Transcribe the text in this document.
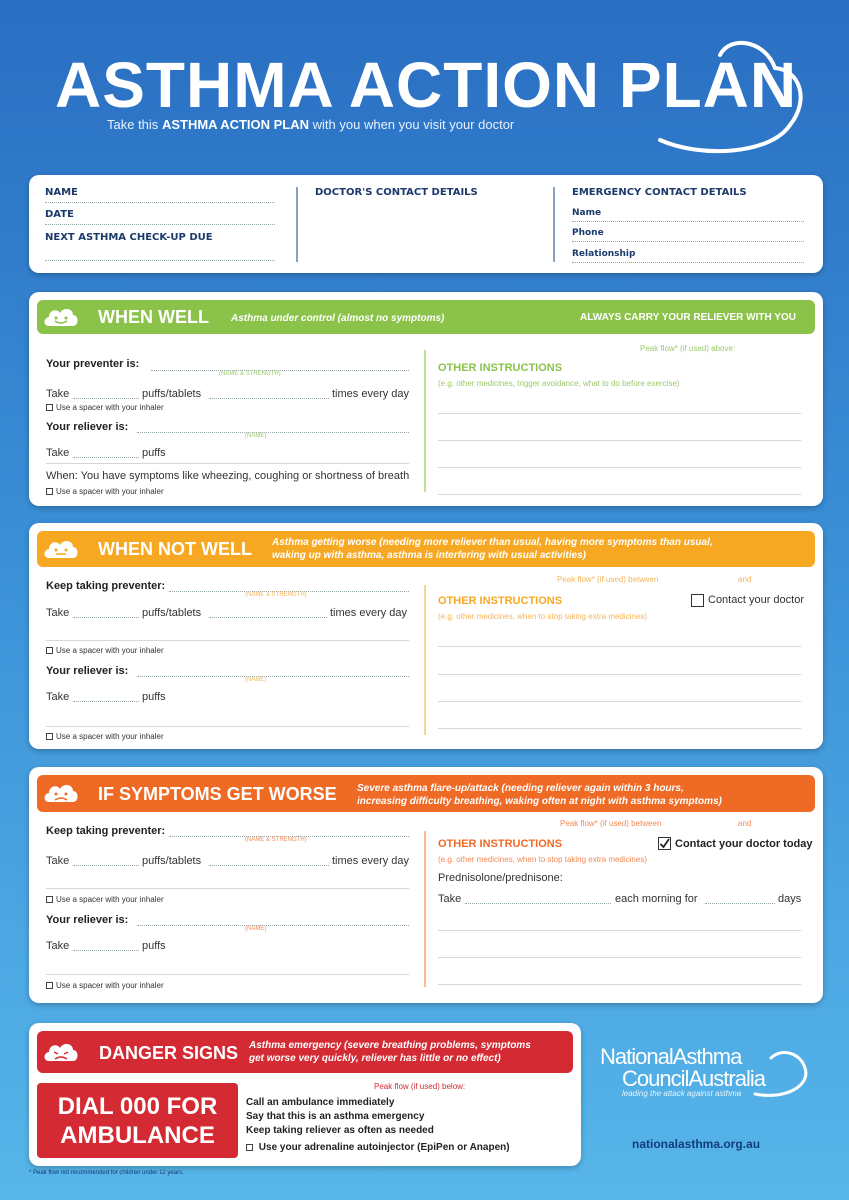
ASTHMA ACTION PLAN
Take this ASTHMA ACTION PLAN with you when you visit your doctor
NAME
DATE
NEXT ASTHMA CHECK-UP DUE
DOCTOR'S CONTACT DETAILS	EMERGENCY CONTACT DETAILS
Name
Phone
Relationship
WHEN WELL Asthma under control (almost no symptoms)	ALWAYS CARRY YOUR RELIEVER WITH YOU
Peak flow* (if used) above:
Your preventer is:
(NAME & STRENGTH)
Take	puffs/tablets	times every day
Use a spacer with your inhaler
Your reliever is:
(NAME)
Take	puffs
When: You have symptoms like wheezing, coughing or shortness of breath
Use a spacer with your inhaler
OTHER INSTRUCTIONS
(e.g. other medicines, trigger avoidance, what to do before exercise)
WHEN NOT WELL Asthma getting worse (needing more reliever than usual, having more symptoms than usual,
waking up with asthma, asthma is interfering with usual activities)
Peak flow* (if used) between	and
Keep taking preventer:
(NAME & STRENGTH)
Take	puffs/tablets	times every day
Use a spacer with your inhaler
Your reliever is:
(NAME)
Take	puffs
Use a spacer with your inhaler
OTHER INSTRUCTIONS
(e.g. other medicines, when to stop taking extra medicines)
Contact your doctor
IF SYMPTOMS GET WORSE Severe asthma flare-up/attack (needing reliever again within 3 hours,
increasing difficulty breathing, waking often at night with asthma symptoms)
Peak flow* (if used) between	and
Keep taking preventer:
(NAME & STRENGTH)
Take	puffs/tablets	times every day
Use a spacer with your inhaler
Your reliever is:
(NAME)
Take	puffs
Use a spacer with your inhaler
OTHER INSTRUCTIONS
(e.g. other medicines, when to stop taking extra medicines)
Contact your doctor today
Prednisolone/prednisone:
Take	each morning for	days
DANGER SIGNS Asthma emergency (severe breathing problems, symptoms
get worse very quickly, reliever has little or no effect)
DIAL 000 FOR
AMBULANCE
Peak flow (if used) below:
Call an ambulance immediately
Say that this is an asthma emergency
Keep taking reliever as often as needed
Use your adrenaline autoinjector (EpiPen or Anapen)
NationalAsthma
CouncilAustralia
leading the attack against asthma
nationalasthma.org.au
* Peak flow not recommended for children under 12 years.
